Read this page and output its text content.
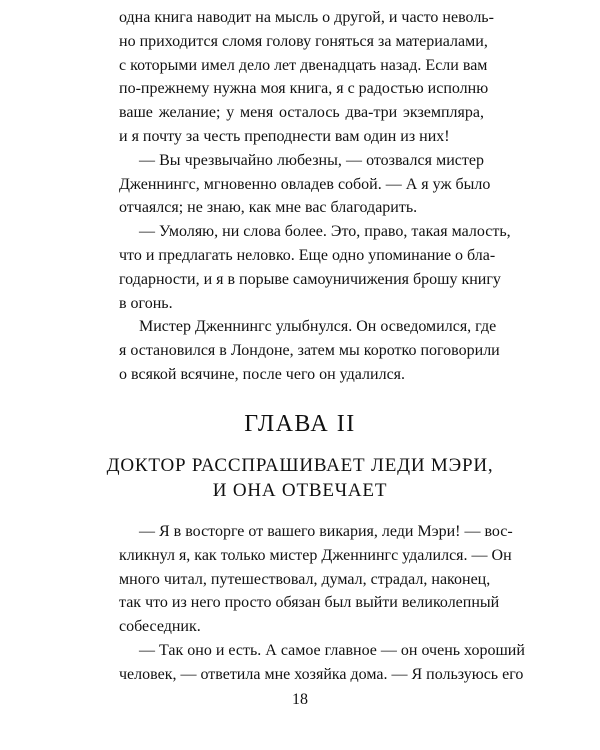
одна книга наводит на мысль о другой, и часто неволь-
но приходится сломя голову гоняться за материалами,
с которыми имел дело лет двенадцать назад. Если вам
по-прежнему нужна моя книга, я с радостью исполню
ваше желание; у меня осталось два-три экземпляра,
и я почту за честь преподнести вам один из них!
— Вы чрезвычайно любезны, — отозвался мистер
Дженнингс, мгновенно овладев собой. — А я уж было
отчаялся; не знаю, как мне вас благодарить.
— Умоляю, ни слова более. Это, право, такая малость,
что и предлагать неловко. Еще одно упоминание о бла-
годарности, и я в порыве самоуничижения брошу книгу
в огонь.
Мистер Дженнингс улыбнулся. Он осведомился, где
я остановился в Лондоне, затем мы коротко поговорили
о всякой всячине, после чего он удалился.
ГЛАВА II
ДОКТОР РАССПРАШИВАЕТ ЛЕДИ МЭРИ,
И ОНА ОТВЕЧАЕТ
— Я в восторге от вашего викария, леди Мэри! — вос-
кликнул я, как только мистер Дженнингс удалился. — Он
много читал, путешествовал, думал, страдал, наконец,
так что из него просто обязан был выйти великолепный
собеседник.
— Так оно и есть. А самое главное — он очень хороший
человек, — ответила мне хозяйка дома. — Я пользуюсь его
18
